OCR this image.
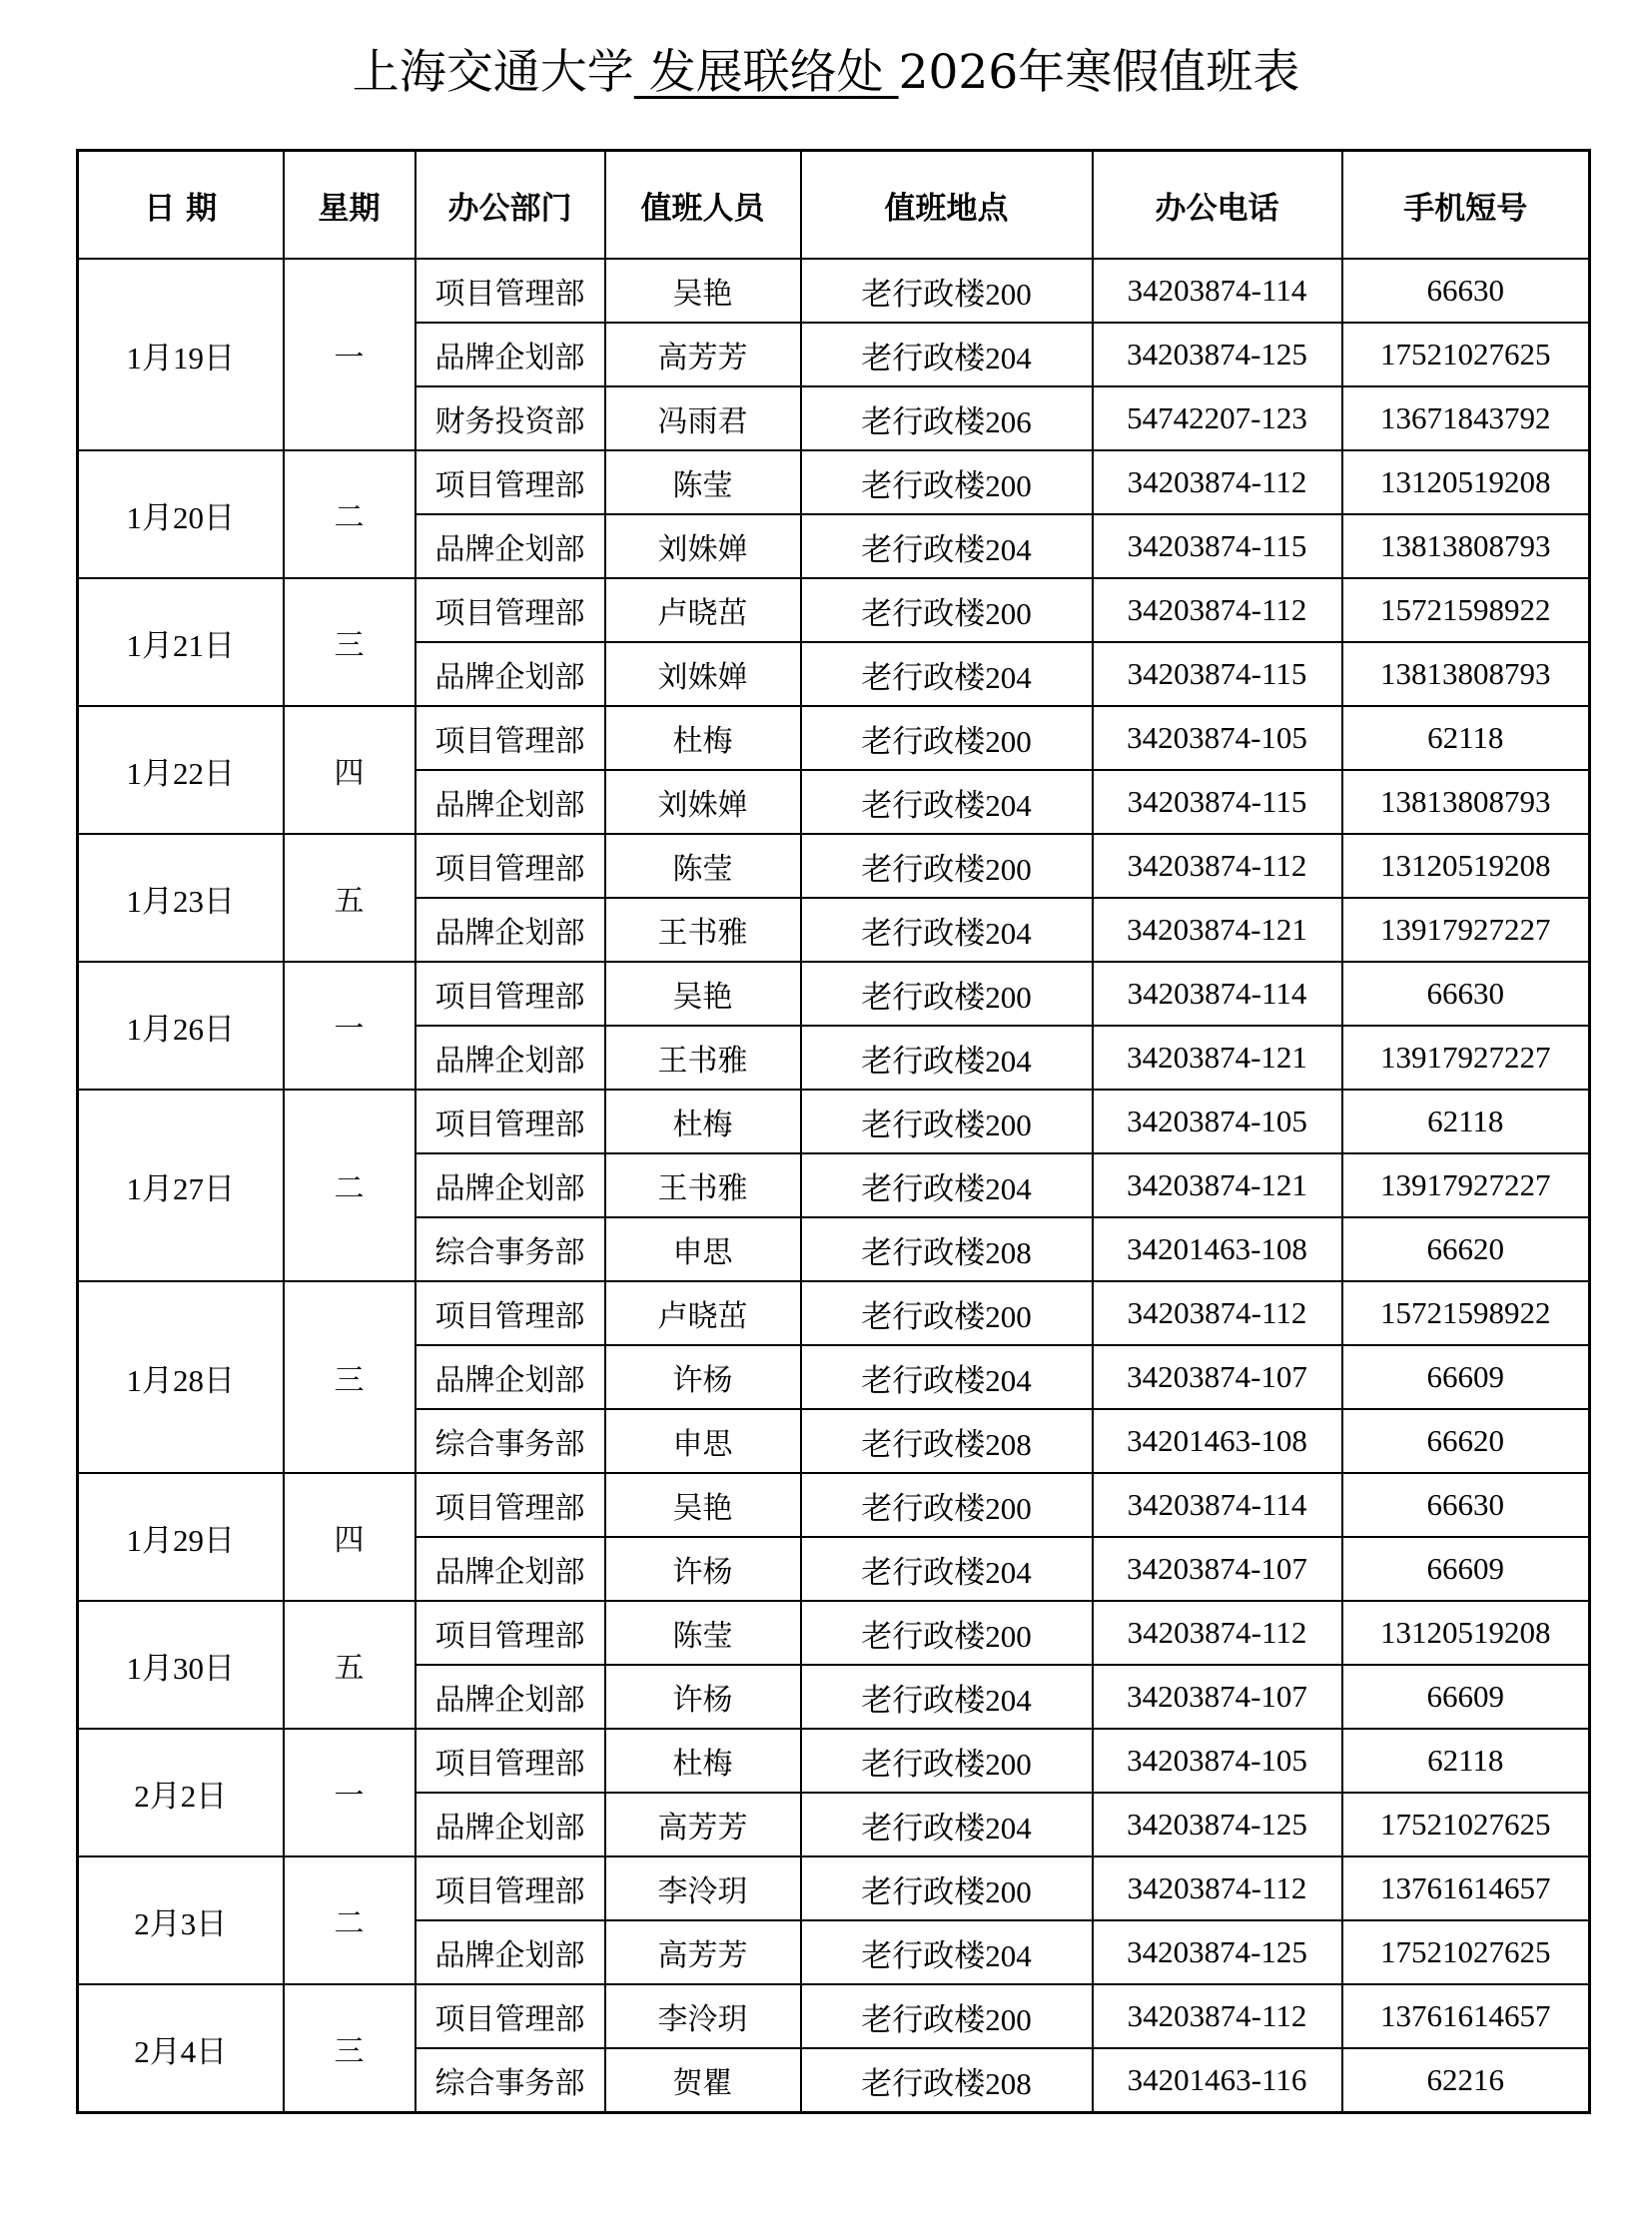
上海交通大学 发展联络处 2026年寒假值班表
日 期	星期	办公部门	值班人员	值班地点	办公电话	手机短号
1月19日	一	项目管理部	吴艳	老行政楼200	34203874-114	66630
		品牌企划部	高芳芳	老行政楼204	34203874-125	17521027625
		财务投资部	冯雨君	老行政楼206	54742207-123	13671843792
1月20日	二	项目管理部	陈莹	老行政楼200	34203874-112	13120519208
		品牌企划部	刘姝婵	老行政楼204	34203874-115	13813808793
1月21日	三	项目管理部	卢晓茁	老行政楼200	34203874-112	15721598922
		品牌企划部	刘姝婵	老行政楼204	34203874-115	13813808793
1月22日	四	项目管理部	杜梅	老行政楼200	34203874-105	62118
		品牌企划部	刘姝婵	老行政楼204	34203874-115	13813808793
1月23日	五	项目管理部	陈莹	老行政楼200	34203874-112	13120519208
		品牌企划部	王书雅	老行政楼204	34203874-121	13917927227
1月26日	一	项目管理部	吴艳	老行政楼200	34203874-114	66630
		品牌企划部	王书雅	老行政楼204	34203874-121	13917927227
1月27日	二	项目管理部	杜梅	老行政楼200	34203874-105	62118
		品牌企划部	王书雅	老行政楼204	34203874-121	13917927227
		综合事务部	申思	老行政楼208	34201463-108	66620
1月28日	三	项目管理部	卢晓茁	老行政楼200	34203874-112	15721598922
		品牌企划部	许杨	老行政楼204	34203874-107	66609
		综合事务部	申思	老行政楼208	34201463-108	66620
1月29日	四	项目管理部	吴艳	老行政楼200	34203874-114	66630
		品牌企划部	许杨	老行政楼204	34203874-107	66609
1月30日	五	项目管理部	陈莹	老行政楼200	34203874-112	13120519208
		品牌企划部	许杨	老行政楼204	34203874-107	66609
2月2日	一	项目管理部	杜梅	老行政楼200	34203874-105	62118
		品牌企划部	高芳芳	老行政楼204	34203874-125	17521027625
2月3日	二	项目管理部	李泠玥	老行政楼200	34203874-112	13761614657
		品牌企划部	高芳芳	老行政楼204	34203874-125	17521027625
2月4日	三	项目管理部	李泠玥	老行政楼200	34203874-112	13761614657
		综合事务部	贺瞿	老行政楼208	34201463-116	62216
